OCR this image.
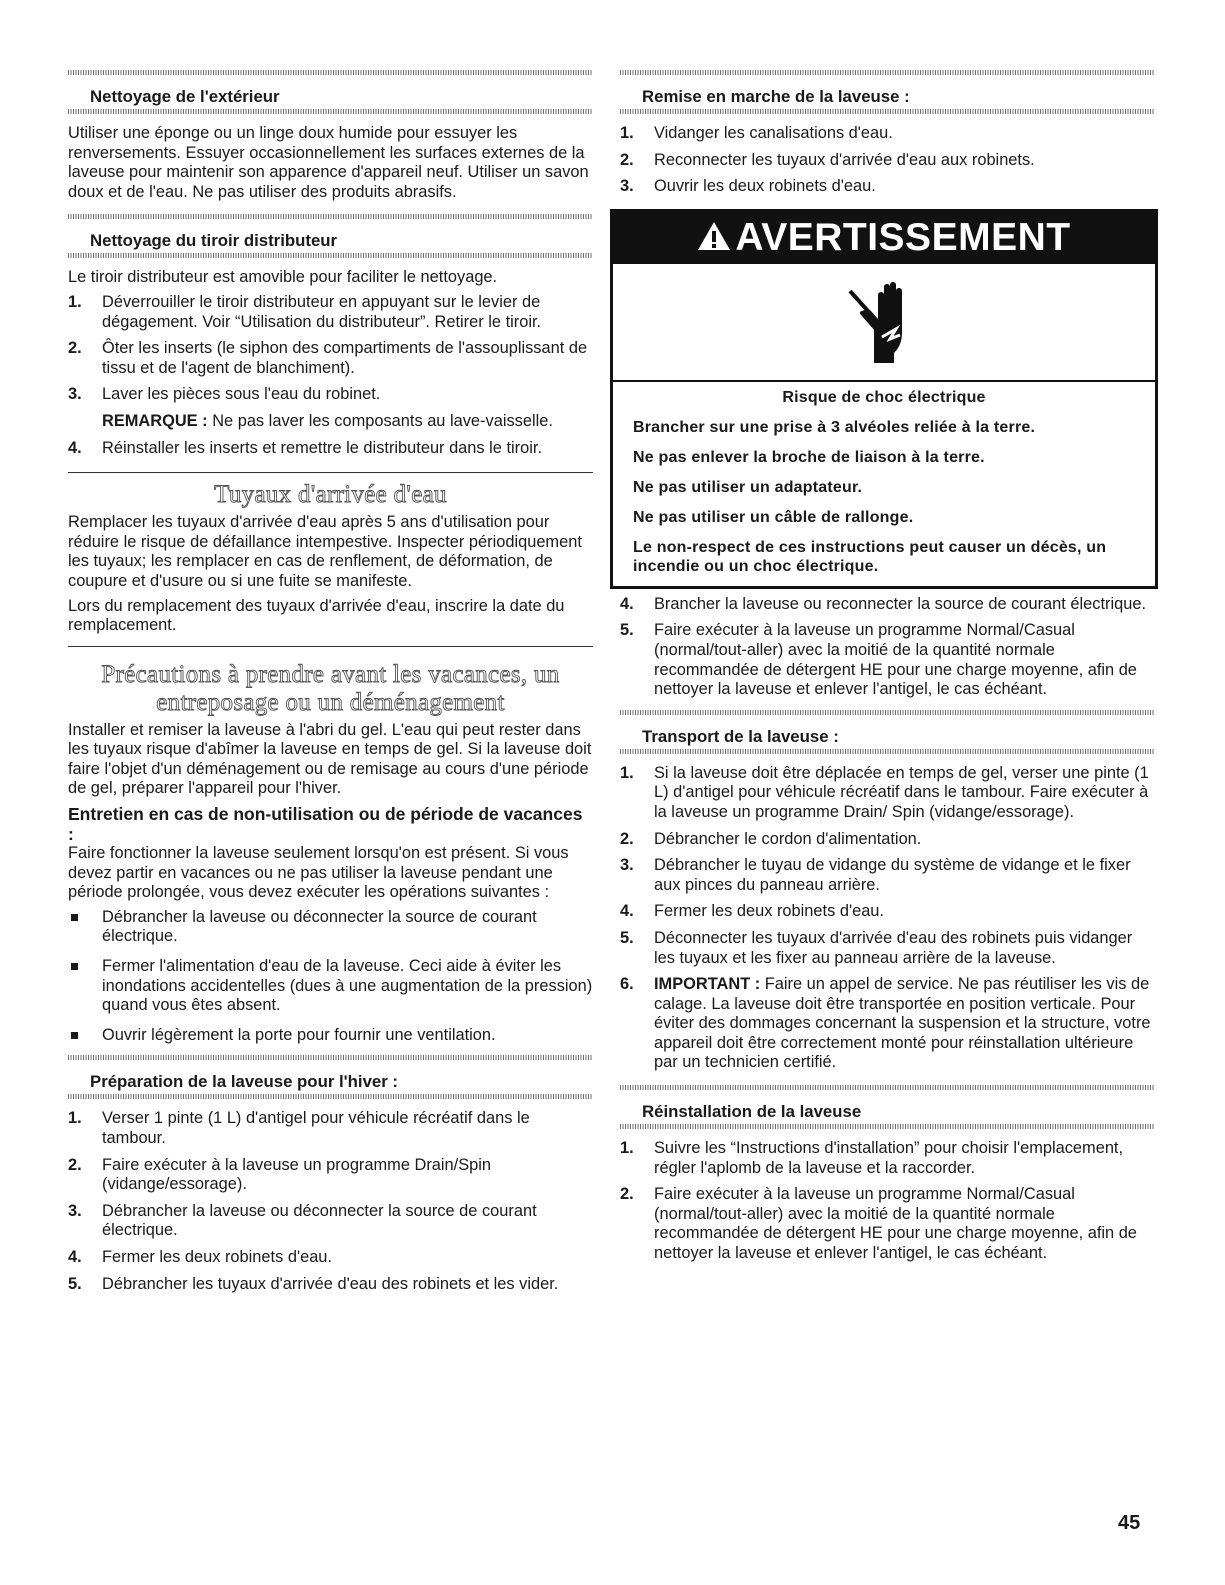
Nettoyage de l'extérieur

Utiliser une éponge ou un linge doux humide pour essuyer les renversements. Essuyer occasionnellement les surfaces externes de la laveuse pour maintenir son apparence d'appareil neuf. Utiliser un savon doux et de l'eau. Ne pas utiliser des produits abrasifs.

Nettoyage du tiroir distributeur

Le tiroir distributeur est amovible pour faciliter le nettoyage.

1. Déverrouiller le tiroir distributeur en appuyant sur le levier de dégagement. Voir “Utilisation du distributeur”. Retirer le tiroir.
2. Ôter les inserts (le siphon des compartiments de l'assouplissant de tissu et de l'agent de blanchiment).
3. Laver les pièces sous l'eau du robinet.

REMARQUE : Ne pas laver les composants au lave-vaisselle.

4. Réinstaller les inserts et remettre le distributeur dans le tiroir.
Tuyaux d'arrivée d'eau

Remplacer les tuyaux d'arrivée d'eau après 5 ans d'utilisation pour réduire le risque de défaillance intempestive. Inspecter périodiquement les tuyaux; les remplacer en cas de renflement, de déformation, de coupure et d'usure ou si une fuite se manifeste.

Lors du remplacement des tuyaux d'arrivée d'eau, inscrire la date du remplacement.

Précautions à prendre avant les vacances, un
entreposage ou un déménagement

Installer et remiser la laveuse à l'abri du gel. L'eau qui peut rester dans les tuyaux risque d'abîmer la laveuse en temps de gel. Si la laveuse doit faire l'objet d'un déménagement ou de remisage au cours d'une période de gel, préparer l'appareil pour l'hiver.

Entretien en cas de non-utilisation ou de période de vacances :

Faire fonctionner la laveuse seulement lorsqu'on est présent. Si vous devez partir en vacances ou ne pas utiliser la laveuse pendant une période prolongée, vous devez exécuter les opérations suivantes :

Débrancher la laveuse ou déconnecter la source de courant électrique.
Fermer l'alimentation d'eau de la laveuse. Ceci aide à éviter les inondations accidentelles (dues à une augmentation de la pression) quand vous êtes absent.
Ouvrir légèrement la porte pour fournir une ventilation.
Préparation de la laveuse pour l'hiver :
1. Verser 1 pinte (1 L) d'antigel pour véhicule récréatif dans le tambour.
2. Faire exécuter à la laveuse un programme Drain/Spin (vidange/essorage).
3. Débrancher la laveuse ou déconnecter la source de courant électrique.
4. Fermer les deux robinets d'eau.
5. Débrancher les tuyaux d'arrivée d'eau des robinets et les vider.
Remise en marche de la laveuse :
1. Vidanger les canalisations d'eau.
2. Reconnecter les tuyaux d'arrivée d'eau aux robinets.
3. Ouvrir les deux robinets d'eau.
AVERTISSEMENT

Risque de choc électrique

Brancher sur une prise à 3 alvéoles reliée à la terre.

Ne pas enlever la broche de liaison à la terre.

Ne pas utiliser un adaptateur.

Ne pas utiliser un câble de rallonge.

Le non-respect de ces instructions peut causer un décès, un incendie ou un choc électrique.

4. Brancher la laveuse ou reconnecter la source de courant électrique.
5. Faire exécuter à la laveuse un programme Normal/Casual (normal/tout-aller) avec la moitié de la quantité normale recommandée de détergent HE pour une charge moyenne, afin de nettoyer la laveuse et enlever l'antigel, le cas échéant.
Transport de la laveuse :
1. Si la laveuse doit être déplacée en temps de gel, verser une pinte (1 L) d'antigel pour véhicule récréatif dans le tambour. Faire exécuter à la laveuse un programme Drain/ Spin (vidange/essorage).
2. Débrancher le cordon d'alimentation.
3. Débrancher le tuyau de vidange du système de vidange et le fixer aux pinces du panneau arrière.
4. Fermer les deux robinets d'eau.
5. Déconnecter les tuyaux d'arrivée d'eau des robinets puis vidanger les tuyaux et les fixer au panneau arrière de la laveuse.
6. IMPORTANT : Faire un appel de service. Ne pas réutiliser les vis de calage. La laveuse doit être transportée en position verticale. Pour éviter des dommages concernant la suspension et la structure, votre appareil doit être correctement monté pour réinstallation ultérieure par un technicien certifié.
Réinstallation de la laveuse
1. Suivre les “Instructions d'installation” pour choisir l'emplacement, régler l'aplomb de la laveuse et la raccorder.
2. Faire exécuter à la laveuse un programme Normal/Casual (normal/tout-aller) avec la moitié de la quantité normale recommandée de détergent HE pour une charge moyenne, afin de nettoyer la laveuse et enlever l'antigel, le cas échéant.
45
